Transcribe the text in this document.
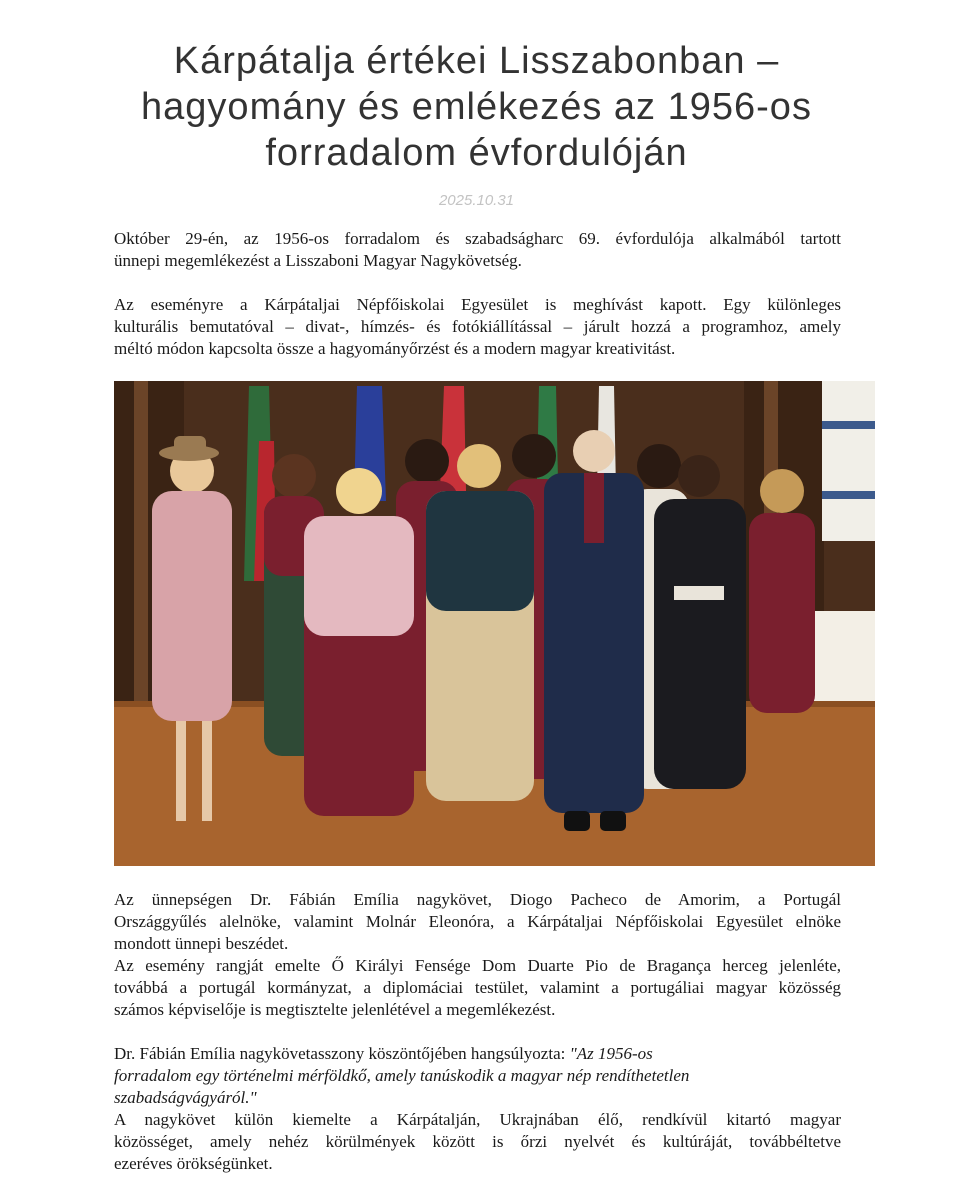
Kárpátalja értékei Lisszabonban –
hagyomány és emlékezés az 1956-os
forradalom évfordulóján
2025.10.31

Október 29-én, az 1956-os forradalom és szabadságharc 69. évfordulója alkalmából tartott
ünnepi megemlékezést a Lisszaboni Magyar Nagykövetség.

Az eseményre a Kárpátaljai Népfőiskolai Egyesület is meghívást kapott. Egy különleges
kulturális bemutatóval – divat-, hímzés- és fotókiállítással – járult hozzá a programhoz, amely
méltó módon kapcsolta össze a hagyományőrzést és a modern magyar kreativitást.

Az ünnepségen Dr. Fábián Emília nagykövet, Diogo Pacheco de Amorim, a Portugál
Országgyűlés alelnöke, valamint Molnár Eleonóra, a Kárpátaljai Népfőiskolai Egyesület elnöke
mondott ünnepi beszédet.

Az esemény rangját emelte Ő Királyi Fensége Dom Duarte Pio de Bragança herceg jelenléte,
továbbá a portugál kormányzat, a diplomáciai testület, valamint a portugáliai magyar közösség
számos képviselője is megtisztelte jelenlétével a megemlékezést.

Dr. Fábián Emília nagykövetasszony köszöntőjében hangsúlyozta: "Az 1956-os
forradalom egy történelmi mérföldkő, amely tanúskodik a magyar nép rendíthetetlen
szabadságvágyáról."

A nagykövet külön kiemelte a Kárpátalján, Ukrajnában élő, rendkívül kitartó magyar
közösséget, amely nehéz körülmények között is őrzi nyelvét és kultúráját, továbbéltetve
ezeréves örökségünket.
